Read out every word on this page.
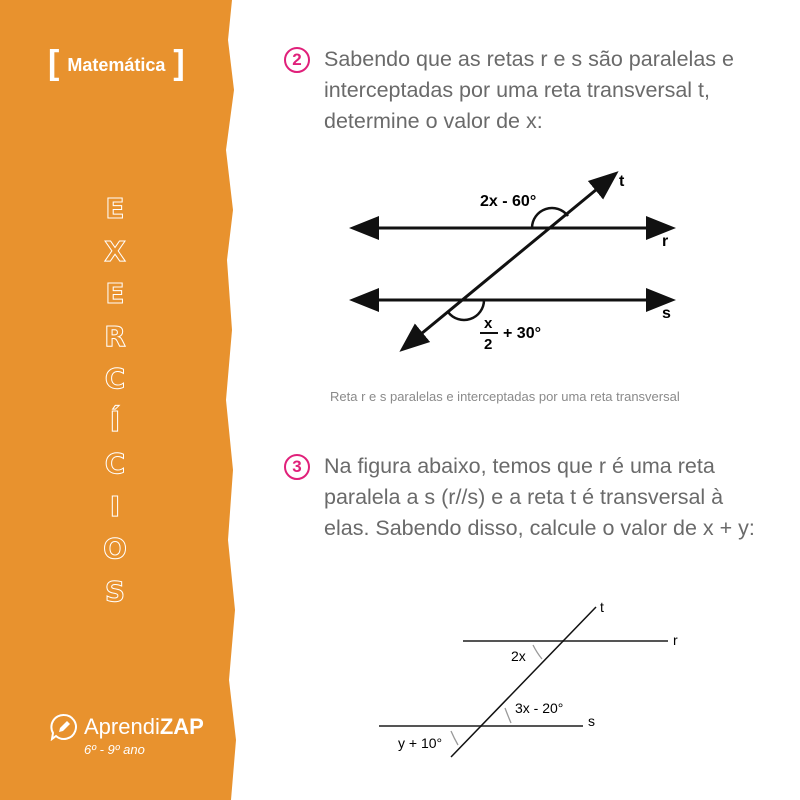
[ Matemática ]
E
X
E
R
C
Í
C
I
O
S
AprendiZAP
6º - 9º ano
2	Sabendo que as retas r e s são paralelas e interceptadas por uma reta transversal t, determine o valor de x:
2x - 60°
x
2
+ 30°
t
r
s
Reta r e s paralelas e interceptadas por uma reta transversal
3	Na figura abaixo, temos que r é uma reta paralela a s (r//s) e a reta t é transversal à elas. Sabendo disso, calcule o valor de x + y:
t
r
s
2x
3x - 20°
y + 10°
